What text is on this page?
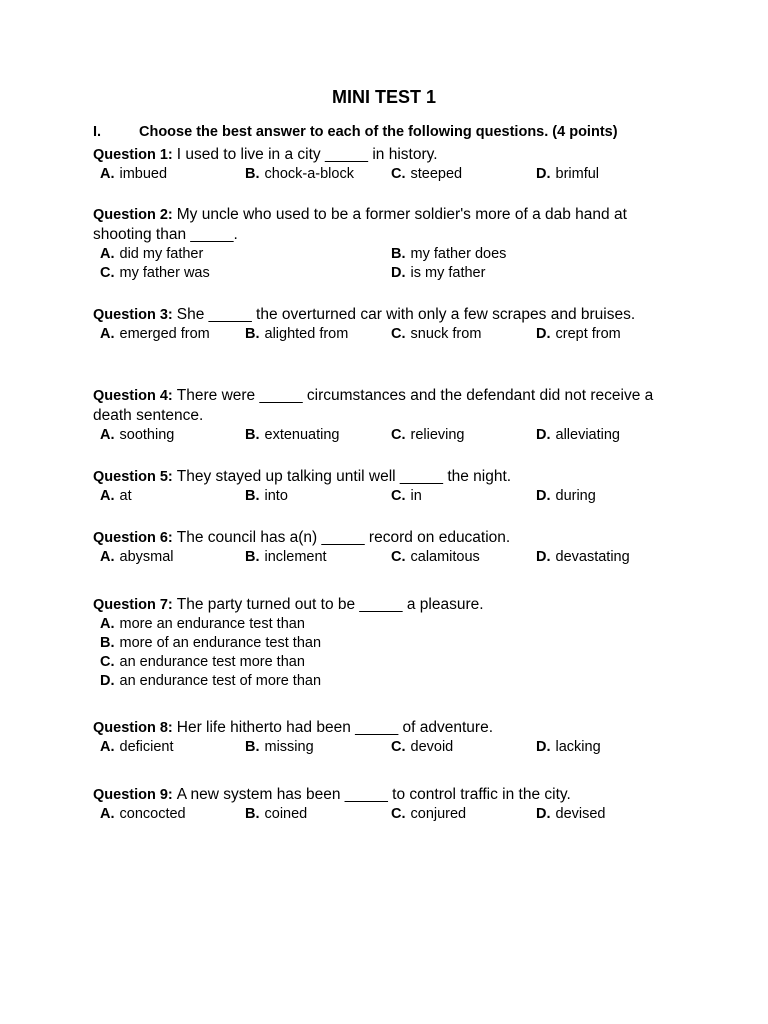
MINI TEST 1
I.	Choose the best answer to each of the following questions. (4 points)
Question 1: I used to live in a city _____ in history.
A. imbued	B. chock-a-block	C. steeped	D. brimful
Question 2: My uncle who used to be a former soldier's more of a dab hand at shooting than _____.
A. did my father	B. my father does
C. my father was	D. is my father
Question 3: She _____ the overturned car with only a few scrapes and bruises.
A. emerged from B. alighted from	C. snuck from	D. crept from
Question 4: There were _____ circumstances and the defendant did not receive a death sentence.
A. soothing	B. extenuating	C. relieving	D. alleviating
Question 5: They stayed up talking until well _____ the night.
A. at	B. into	C. in	D. during
Question 6: The council has a(n) _____ record on education.
A. abysmal	B. inclement	C. calamitous	D. devastating
Question 7: The party turned out to be _____ a pleasure.
A. more an endurance test than
B. more of an endurance test than
C. an endurance test more than
D. an endurance test of more than
Question 8: Her life hitherto had been _____ of adventure.
A. deficient	B. missing	C. devoid	D. lacking
Question 9: A new system has been _____ to control traffic in the city.
A. concocted	B. coined	C. conjured	D. devised
